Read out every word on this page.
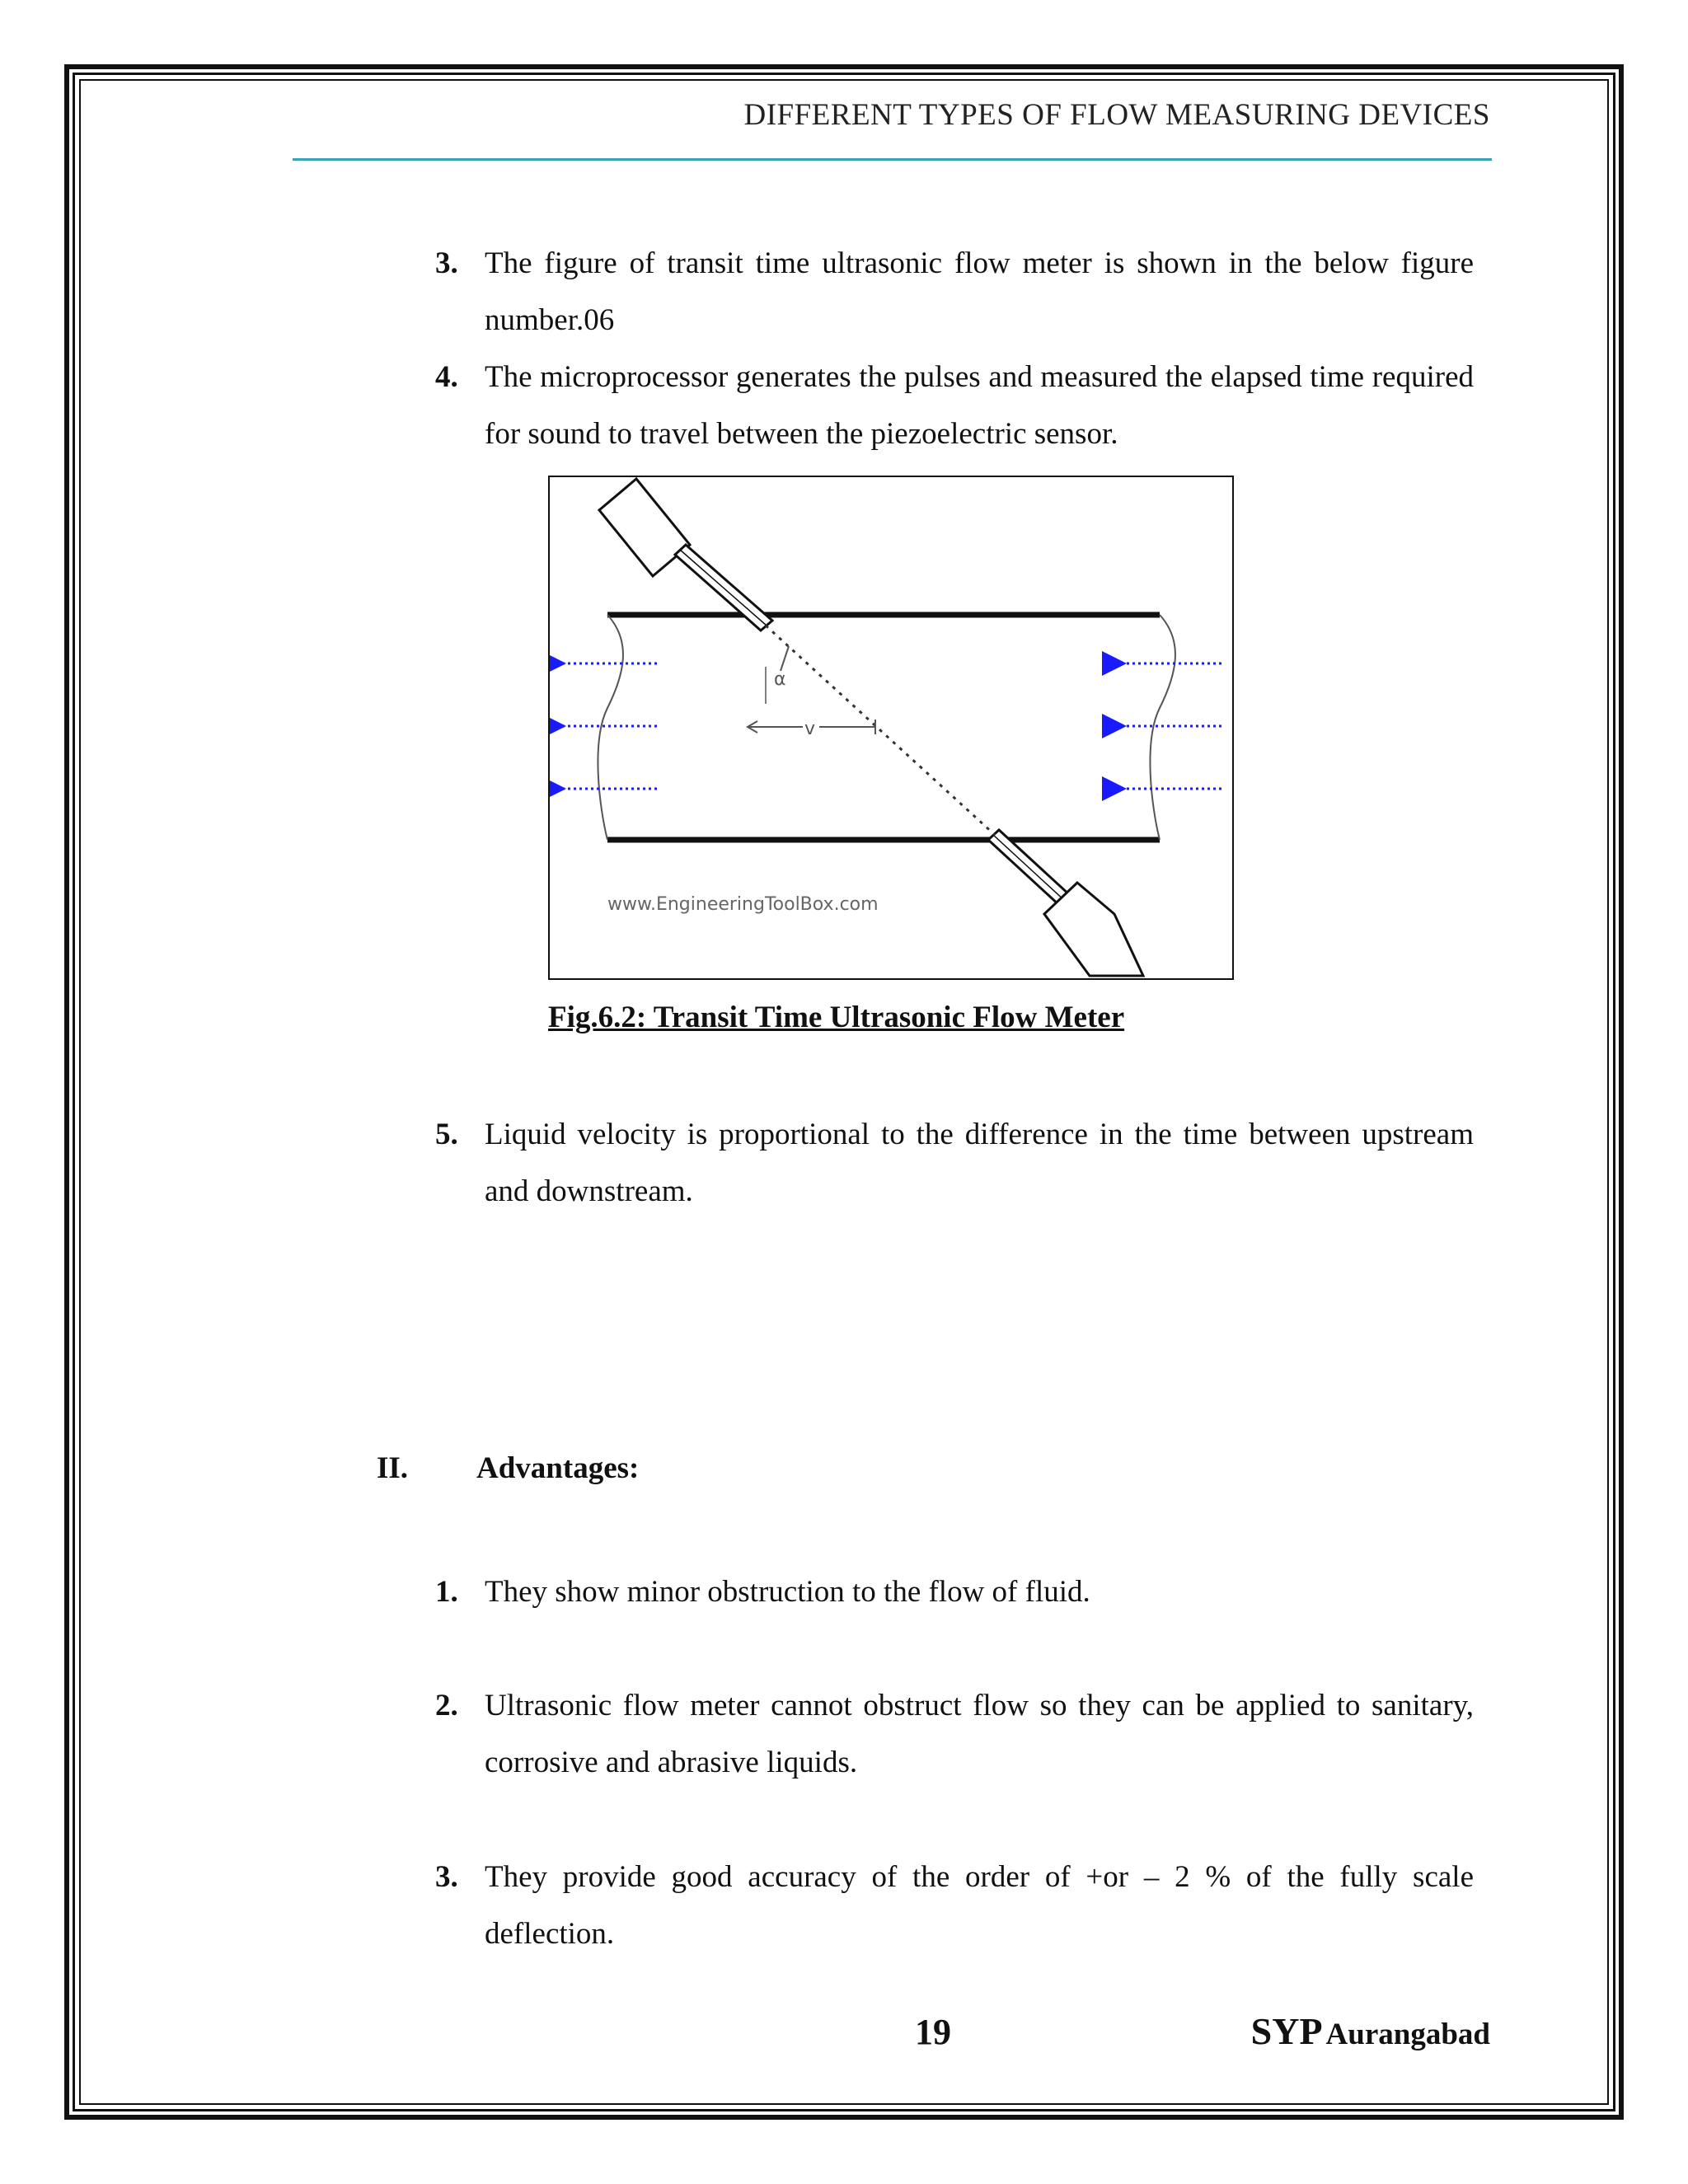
DIFFERENT TYPES OF FLOW MEASURING DEVICES
3. The figure of transit time ultrasonic flow meter is shown in the below figure number.06
4. The microprocessor generates the pulses and measured the elapsed time required for sound to travel between the piezoelectric sensor.
α
v
www.EngineeringToolBox.com
Fig.6.2: Transit Time Ultrasonic Flow Meter
5. Liquid velocity is proportional to the difference in the time between upstream and downstream.
II. Advantages:
1. They show minor obstruction to the flow of fluid.
2. Ultrasonic flow meter cannot obstruct flow so they can be applied to sanitary, corrosive and abrasive liquids.
3. They provide good accuracy of the order of +or – 2 % of the fully scale deflection.
19	SYP Aurangabad
